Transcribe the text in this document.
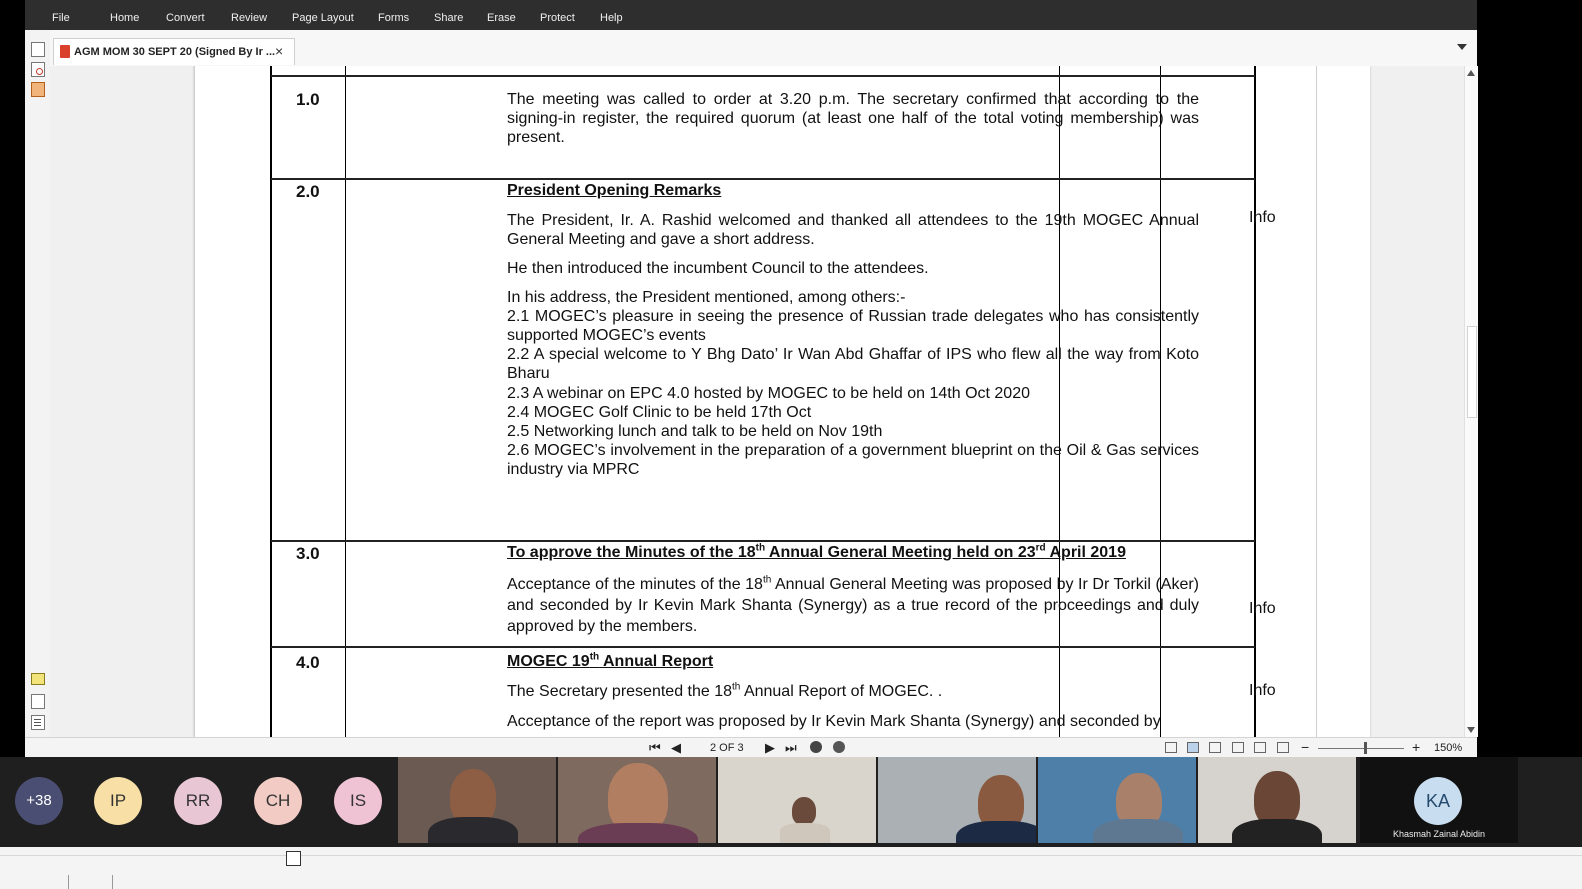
File	Home Convert Review Page Layout Forms Share Erase Protect Help
AGM MOM 30 SEPT 20 (Signed By Ir ... ×
1.0	The meeting was called to order at 3.20 p.m. The secretary confirmed that according to the signing-in register, the required quorum (at least one half of the total voting membership) was present.
2.0	President Opening Remarks
The President, Ir. A. Rashid welcomed and thanked all attendees to the 19th MOGEC Annual General Meeting and gave a short address.
Info
He then introduced the incumbent Council to the attendees.
In his address, the President mentioned, among others:-
2.1 MOGEC’s pleasure in seeing the presence of Russian trade delegates who has consistently supported MOGEC’s events
2.2 A special welcome to Y Bhg Dato’ Ir Wan Abd Ghaffar of IPS who flew all the way from Koto Bharu
2.3 A webinar on EPC 4.0 hosted by MOGEC to be held on 14th Oct 2020
2.4 MOGEC Golf Clinic to be held 17th Oct
2.5 Networking lunch and talk to be held on Nov 19th
2.6 MOGEC’s involvement in the preparation of a government blueprint on the Oil & Gas services industry via MPRC
3.0	To approve the Minutes of the 18th Annual General Meeting held on 23rd April 2019
Acceptance of the minutes of the 18th Annual General Meeting was proposed by Ir Dr Torkil (Aker) and seconded by Ir Kevin Mark Shanta (Synergy) as a true record of the proceedings and duly approved by the members.
Info
4.0	MOGEC 19th Annual Report
The Secretary presented the 18th Annual Report of MOGEC. .	Info
Acceptance of the report was proposed by Ir Kevin Mark Shanta (Synergy) and seconded by
⏮ ◀	2 OF 3 ▶ ⏭	−	+ 150%
+38	IP	RR	CH	IS	KA
Khasmah Zainal Abidin
